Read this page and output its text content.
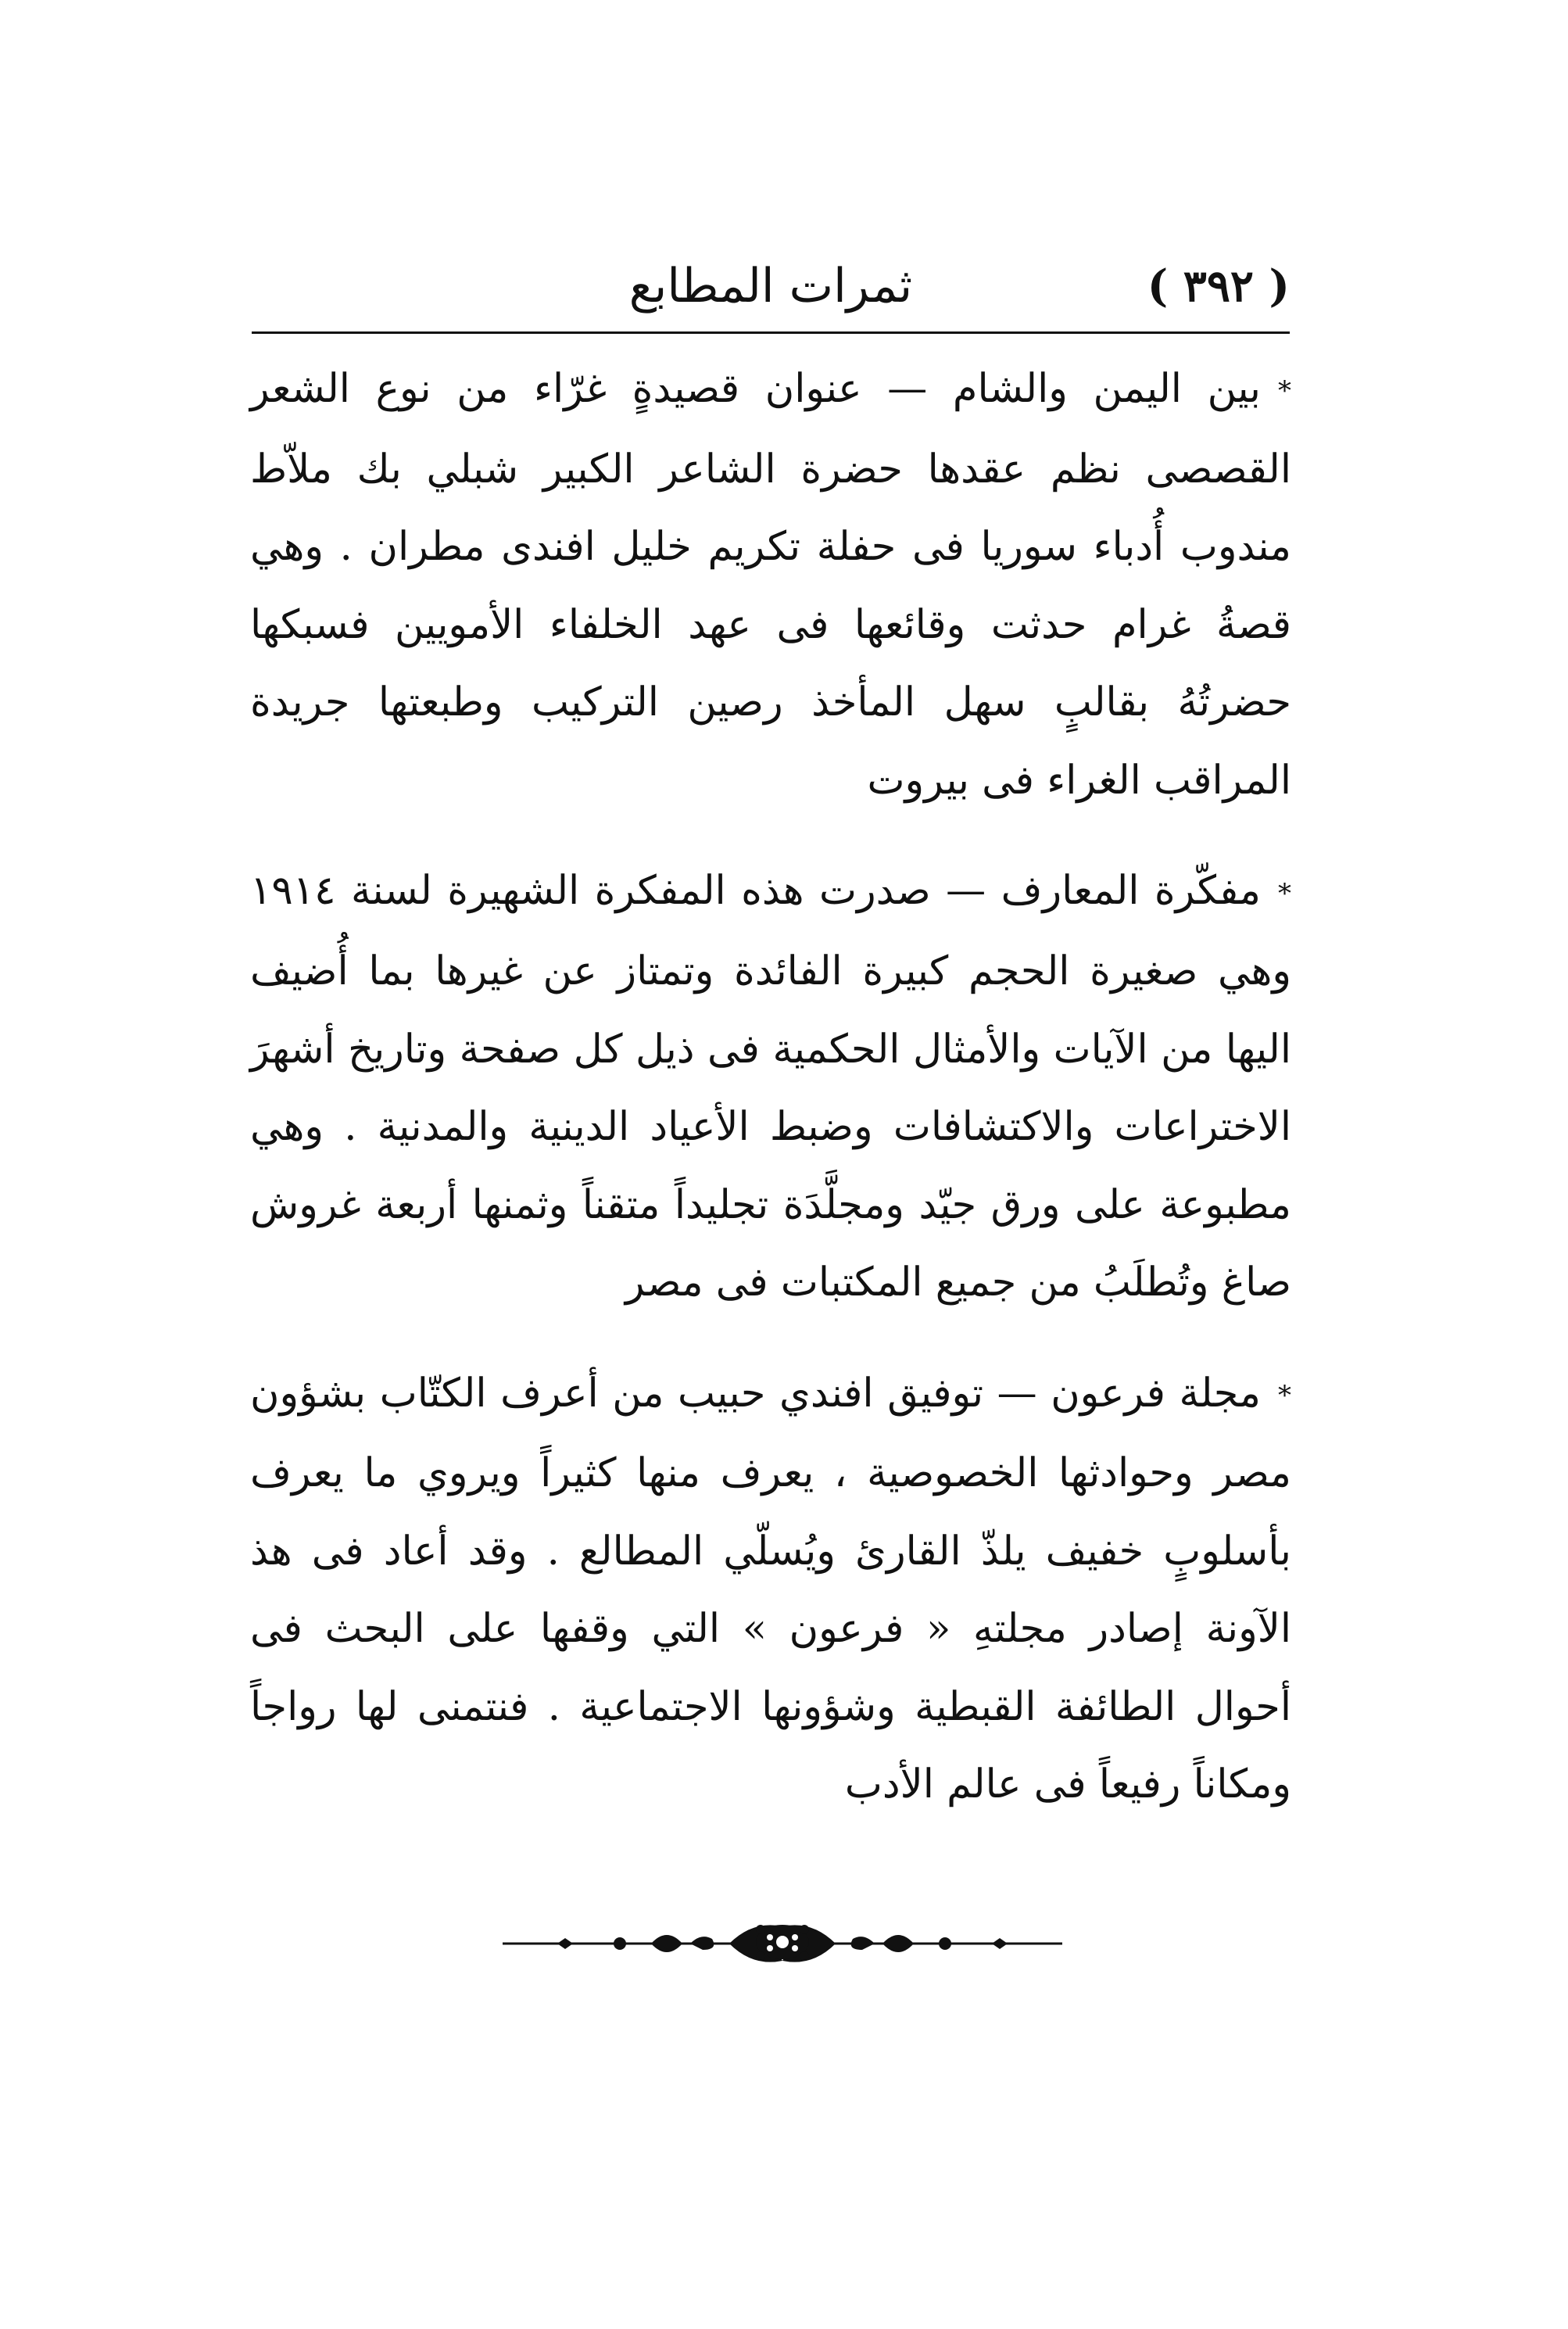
( ٣٩٢ )
ثمرات المطابع

*بين اليمن والشام — عنوان قصيدةٍ غرّاء من نوع الشعر القصصى نظم عقدها حضرة الشاعر الكبير شبلي بك ملاّط مندوب أُدباء سوريا فى حفلة تكريم خليل افندى مطران . وهي قصةُ غرام حدثت وقائعها فى عهد الخلفاء الأمويين فسبكها حضرتُهُ بقالبٍ سهل المأخذ رصين التركيب وطبعتها جريدة المراقب الغراء فى بيروت

*مفكّرة المعارف — صدرت هذه المفكرة الشهيرة لسنة ١٩١٤ وهي صغيرة الحجم كبيرة الفائدة وتمتاز عن غيرها بما أُضيف اليها من الآيات والأمثال الحكمية فى ذيل كل صفحة وتاريخ أشهرَ الاختراعات والاكتشافات وضبط الأعياد الدينية والمدنية . وهي مطبوعة على ورق جيّد ومجلَّدَة تجليداً متقناً وثمنها أربعة غروش صاغ وتُطلَبُ من جميع المكتبات فى مصر

*مجلة فرعون — توفيق افندي حبيب من أعرف الكتّاب بشؤون مصر وحوادثها الخصوصية ، يعرف منها كثيراً ويروي ما يعرف بأسلوبٍ خفيف يلذّ القارئ ويُسلّي المطالع . وقد أعاد فى هذ الآونة إصادر مجلتهِ « فرعون » التي وقفها على البحث فى أحوال الطائفة القبطية وشؤونها الاجتماعية . فنتمنى لها رواجاً ومكاناً رفيعاً فى عالم الأدب
